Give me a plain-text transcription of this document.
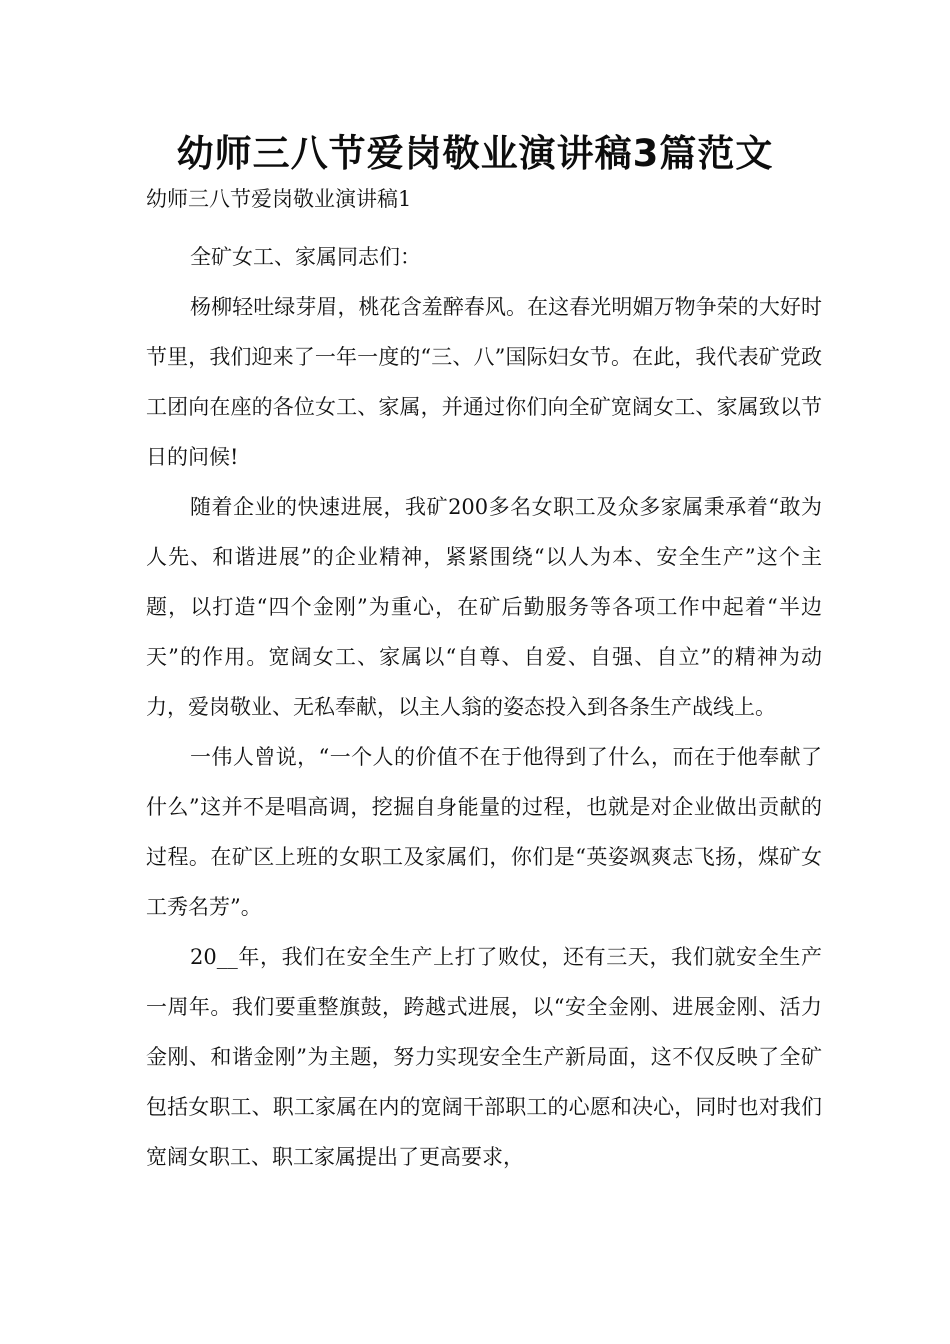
幼师三八节爱岗敬业演讲稿3篇范文
幼师三八节爱岗敬业演讲稿1

全矿女工、家属同志们：

杨柳轻吐绿芽眉，桃花含羞醉春风。在这春光明媚万物争荣的大好时节里，我们迎来了一年一度的“三、八”国际妇女节。在此，我代表矿党政工团向在座的各位女工、家属，并通过你们向全矿宽阔女工、家属致以节日的问候!

随着企业的快速进展，我矿200多名女职工及众多家属秉承着“敢为人先、和谐进展”的企业精神，紧紧围绕“以人为本、安全生产”这个主题，以打造“四个金刚”为重心，在矿后勤服务等各项工作中起着“半边天”的作用。宽阔女工、家属以“自尊、自爱、自强、自立”的精神为动力，爱岗敬业、无私奉献，以主人翁的姿态投入到各条生产战线上。

一伟人曾说，“一个人的价值不在于他得到了什么，而在于他奉献了什么”这并不是唱高调，挖掘自身能量的过程，也就是对企业做出贡献的过程。在矿区上班的女职工及家属们，你们是“英姿飒爽志飞扬，煤矿女工秀名芳”。

20__年，我们在安全生产上打了败仗，还有三天，我们就安全生产一周年。我们要重整旗鼓，跨越式进展，以“安全金刚、进展金刚、活力金刚、和谐金刚”为主题，努力实现安全生产新局面，这不仅反映了全矿包括女职工、职工家属在内的宽阔干部职工的心愿和决心，同时也对我们宽阔女职工、职工家属提出了更高要求，
